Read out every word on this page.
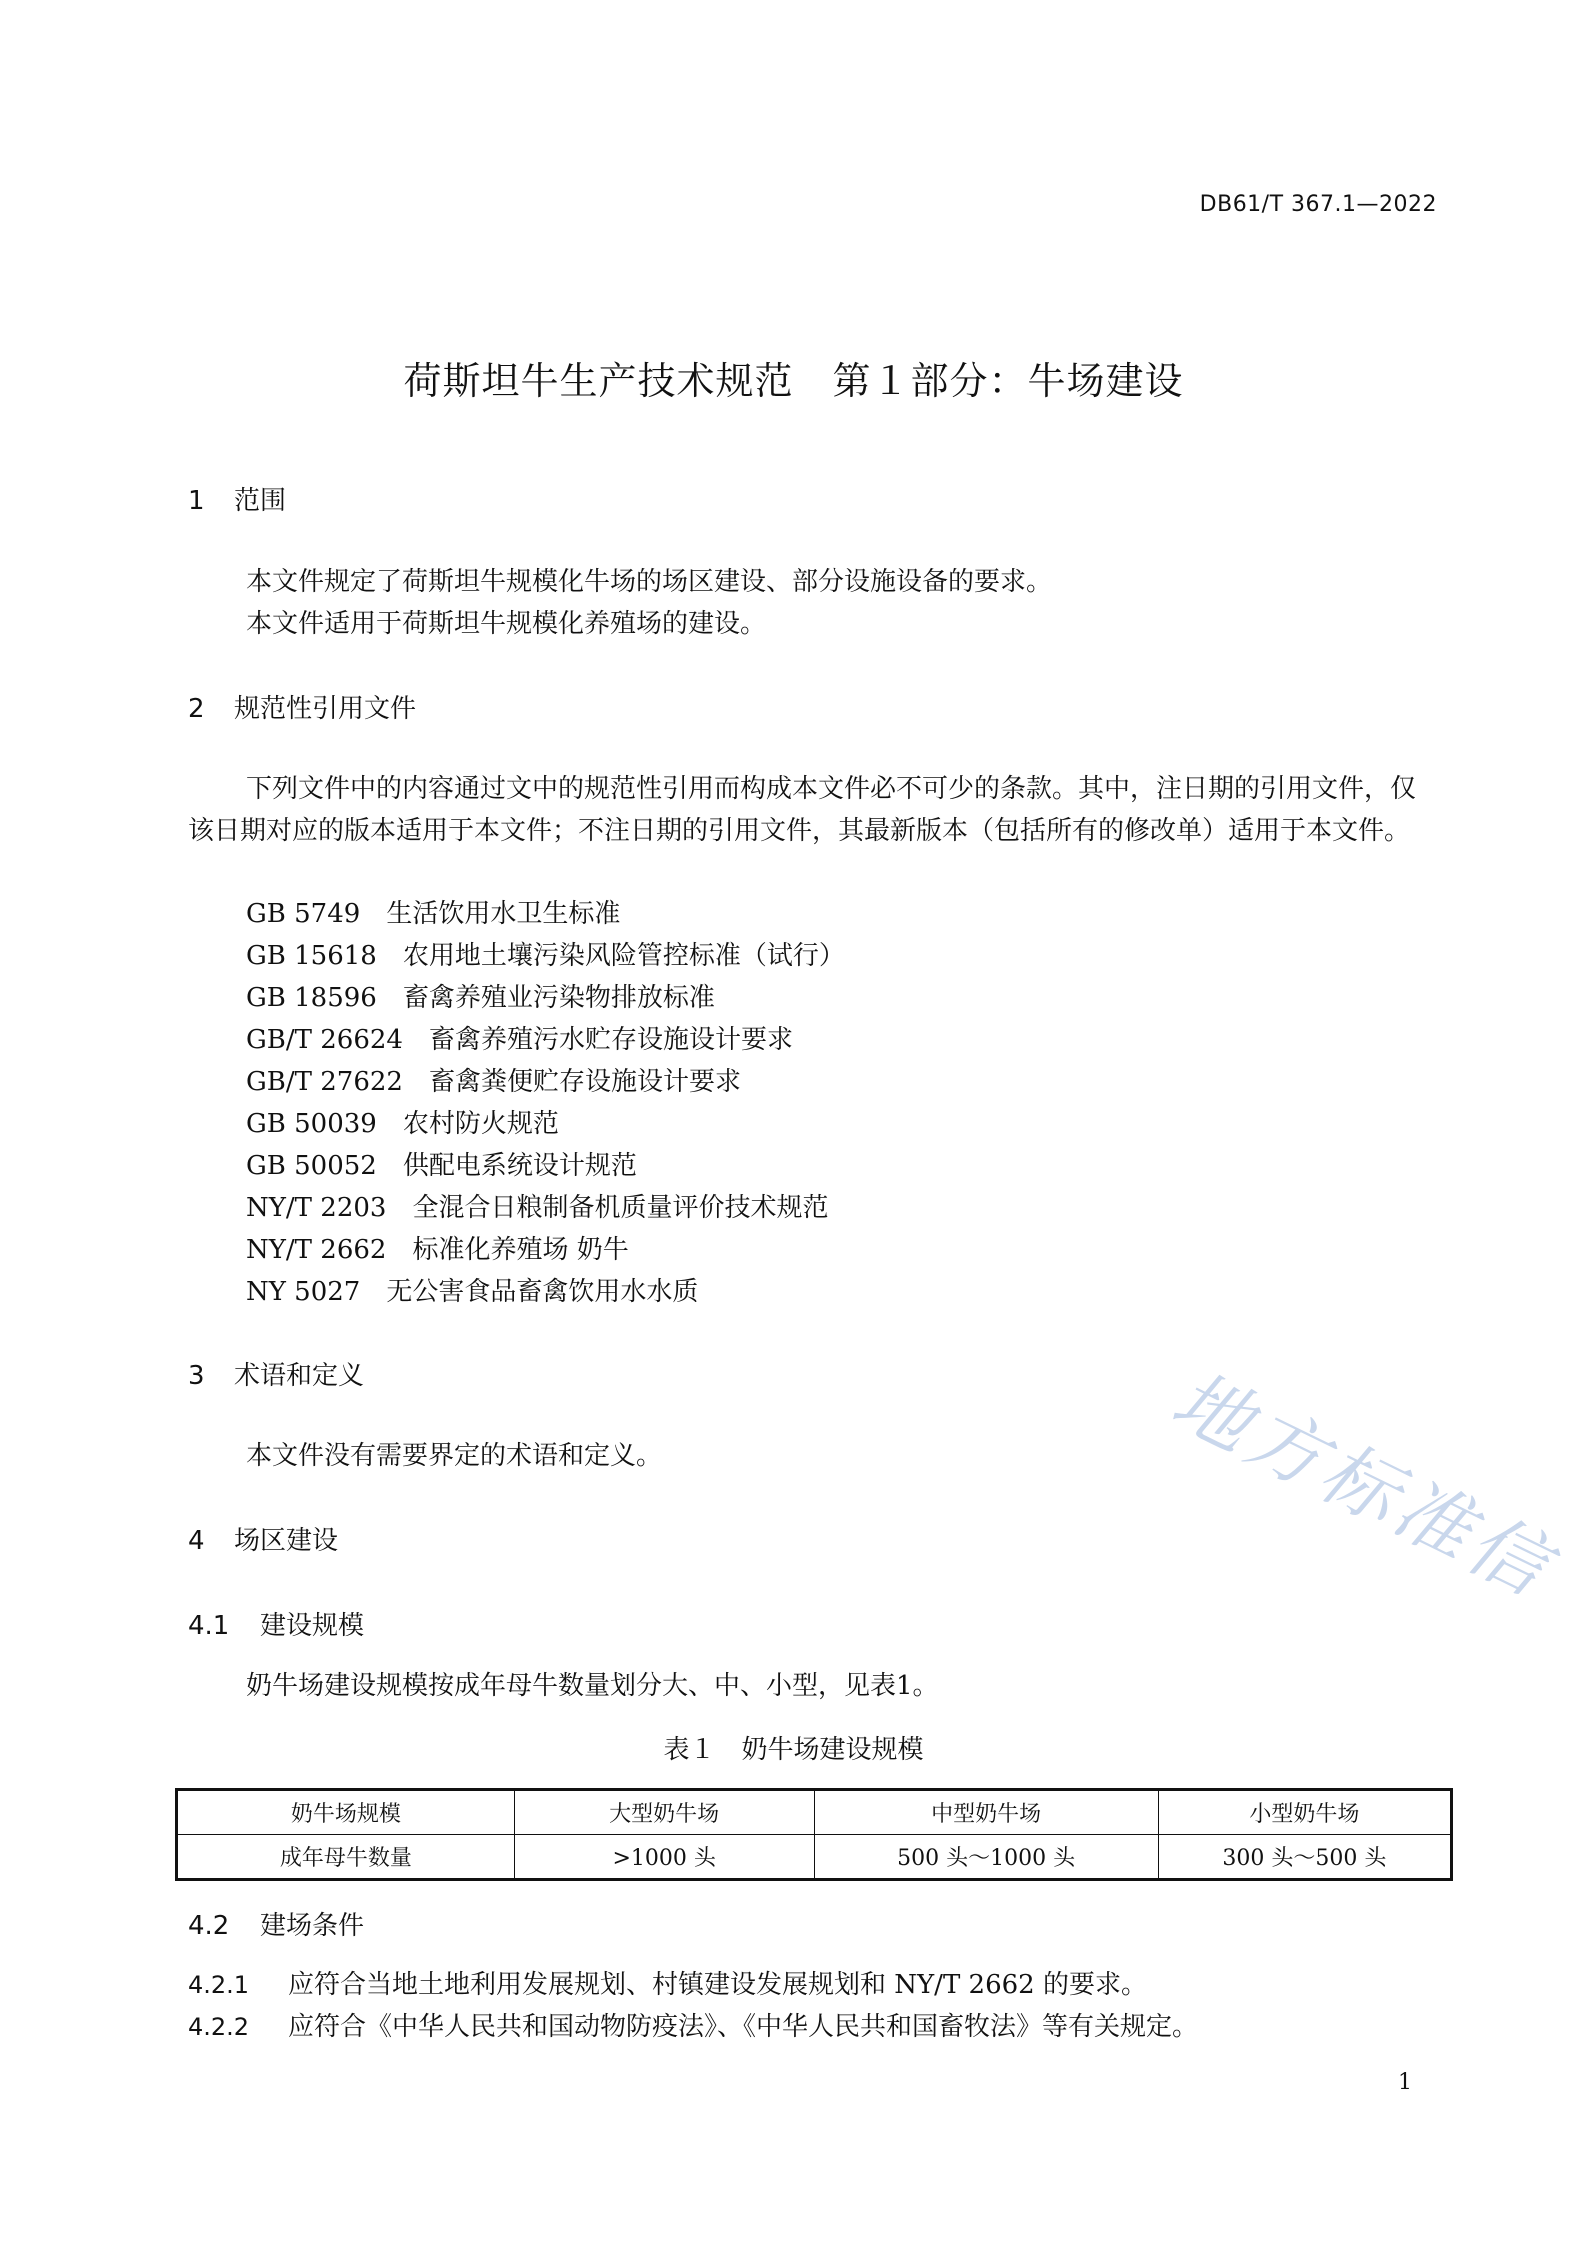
DB61/T 367.1—2022
荷斯坦牛生产技术规范　第１部分：牛场建设
1 范围
本文件规定了荷斯坦牛规模化牛场的场区建设、部分设施设备的要求。
本文件适用于荷斯坦牛规模化养殖场的建设。
2 规范性引用文件
下列文件中的内容通过文中的规范性引用而构成本文件必不可少的条款。其中，注日期的引用文件，仅该日期对应的版本适用于本文件；不注日期的引用文件，其最新版本（包括所有的修改单）适用于本文件。
GB 5749 生活饮用水卫生标准
GB 15618 农用地土壤污染风险管控标准（试行）
GB 18596 畜禽养殖业污染物排放标准
GB/T 26624 畜禽养殖污水贮存设施设计要求
GB/T 27622 畜禽粪便贮存设施设计要求
GB 50039 农村防火规范
GB 50052 供配电系统设计规范
NY/T 2203 全混合日粮制备机质量评价技术规范
NY/T 2662 标准化养殖场 奶牛
NY 5027 无公害食品畜禽饮用水水质
3 术语和定义
本文件没有需要界定的术语和定义。
4 场区建设
4.1 建设规模
奶牛场建设规模按成年母牛数量划分大、中、小型，见表1。
表１　奶牛场建设规模
奶牛场规模	大型奶牛场	中型奶牛场	小型奶牛场
成年母牛数量	>1000 头	500 头～1000 头	300 头～500 头
4.2 建场条件
4.2.1 应符合当地土地利用发展规划、村镇建设发展规划和 NY/T 2662 的要求。
4.2.2 应符合《中华人民共和国动物防疫法》、《中华人民共和国畜牧法》等有关规定。
1
地方标准信
